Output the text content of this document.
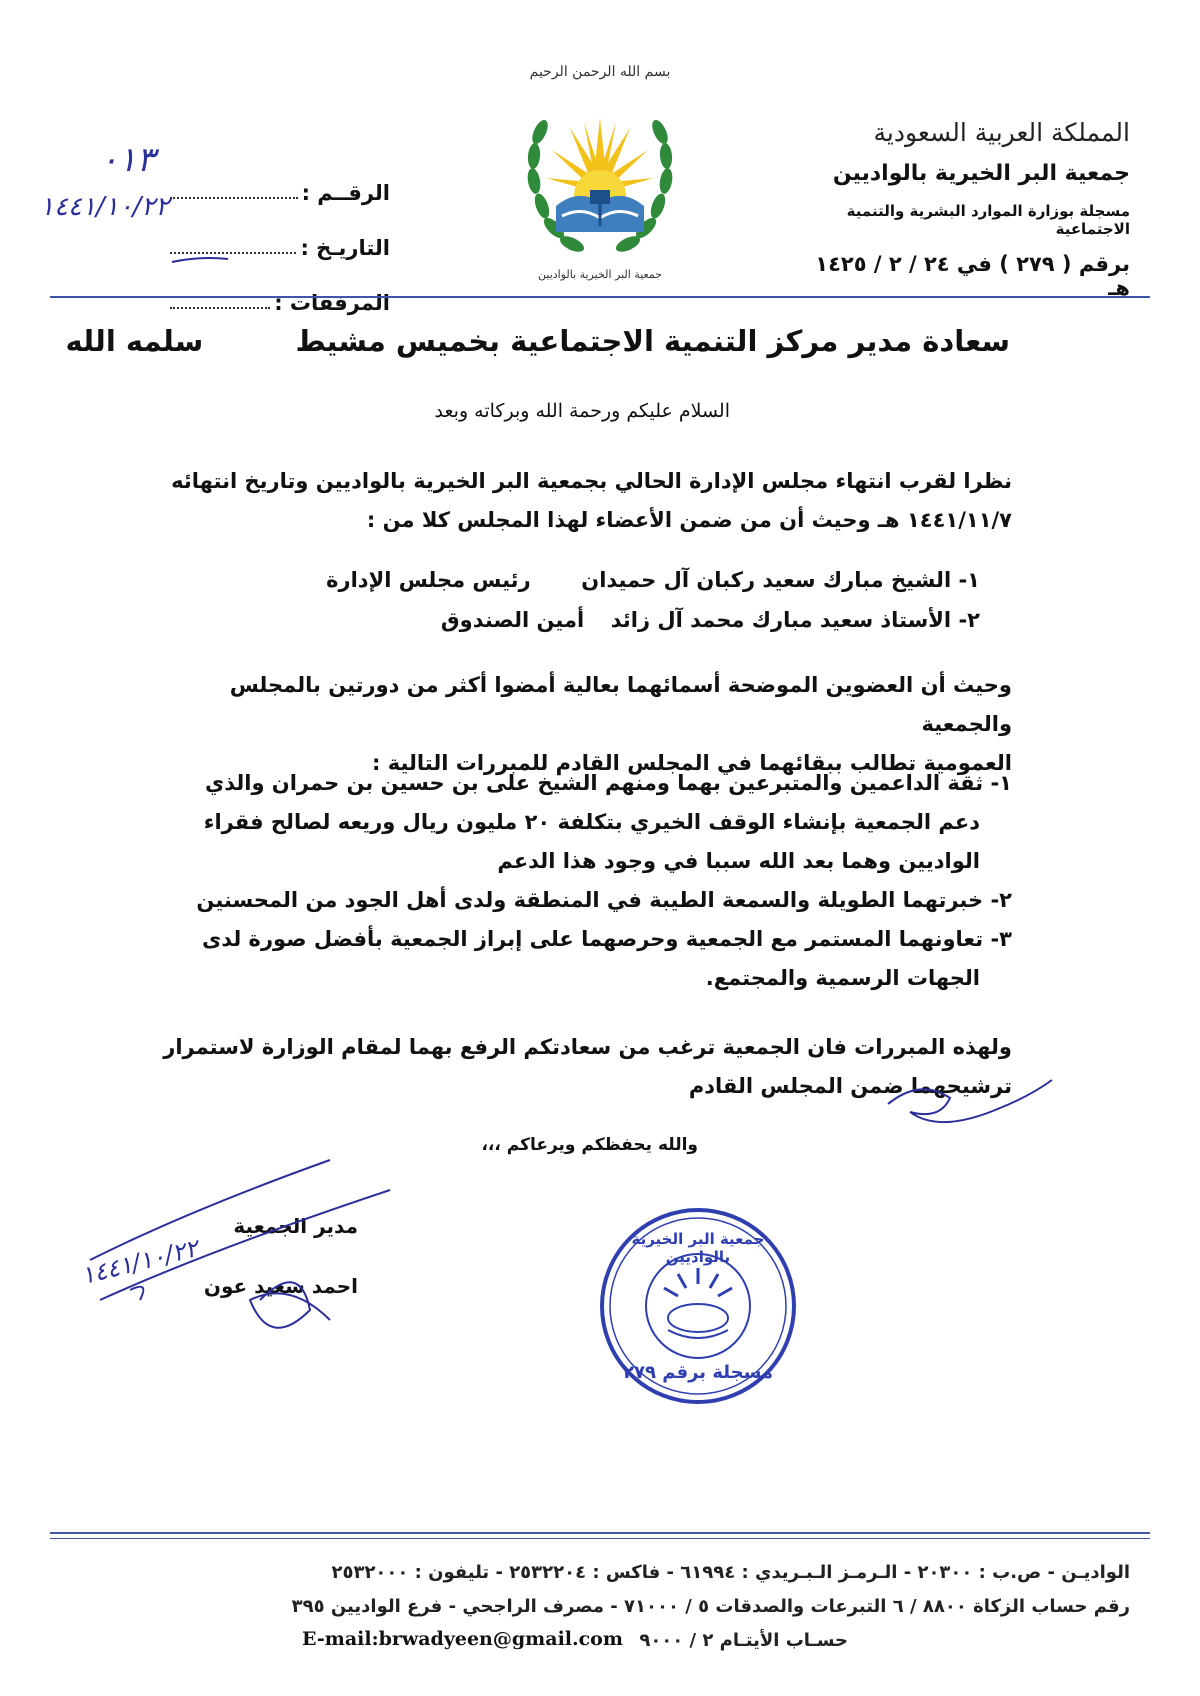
المملكة العربية السعودية
جمعية البر الخيرية بالواديين
مسجلة بوزارة الموارد البشرية والتنمية الاجتماعية
برقم ( ٢٧٩ ) في ٢٤ / ٢ / ١٤٢٥ هـ
بسم الله الرحمن الرحيم
جمعية البر الخيرية بالواديين
الرقــم :
التاريـخ :
المرفقات :
٠١٣
١٤٤١/١٠/٢٢
سعادة مدير مركز التنمية الاجتماعية بخميس مشيط  سلمه الله
السلام عليكم ورحمة الله وبركاته وبعد
نظرا لقرب انتهاء مجلس الإدارة الحالي بجمعية البر الخيرية بالواديين وتاريخ انتهائه
١٤٤١/١١/٧ هـ وحيث أن من ضمن الأعضاء لهذا المجلس كلا من :
١- الشيخ مبارك سعيد ركبان آل حميدان  رئيس مجلس الإدارة
٢- الأستاذ سعيد مبارك محمد آل زائد  أمين الصندوق
وحيث أن العضوين الموضحة أسمائهما بعالية أمضوا أكثر من دورتين بالمجلس والجمعية
العمومية تطالب ببقائهما في المجلس القادم للمبررات التالية :
١- ثقة الداعمين والمتبرعين بهما ومنهم الشيخ على بن حسين بن حمران والذي
دعم الجمعية بإنشاء الوقف الخيري بتكلفة ٢٠ مليون ريال وريعه لصالح فقراء
الواديين وهما بعد الله سببا في وجود هذا الدعم
٢- خبرتهما الطويلة والسمعة الطيبة في المنطقة ولدى أهل الجود من المحسنين
٣- تعاونهما المستمر مع الجمعية وحرصهما على إبراز الجمعية بأفضل صورة لدى
الجهات الرسمية والمجتمع.
ولهذه المبررات فان الجمعية ترغب من سعادتكم الرفع بهما لمقام الوزارة لاستمرار
ترشيحهما ضمن المجلس القادم
والله يحفظكم ويرعاكم ،،،
مدير الجمعية
احمد سعيد عون
١٤٤١/١٠/٢٢	جمعية البر الخيرية بالواديين
مسجلة برقم ٢٧٩
الواديـن - ص.ب : ٢٠٣٠٠ - الـرمـز الـبـريدي : ٦١٩٩٤ - فاكس : ٢٥٣٢٢٠٤ - تليفون : ٢٥٣٢٠٠٠
رقم حساب الزكاة ٨٨٠٠ / ٦ التبرعات والصدقات ٥ / ٧١٠٠٠ - مصرف الراجحي - فرع الواديين ٣٩٥
حسـاب الأيتـام ٢ / ٩٠٠٠
E-mail:brwadyeen@gmail.com
